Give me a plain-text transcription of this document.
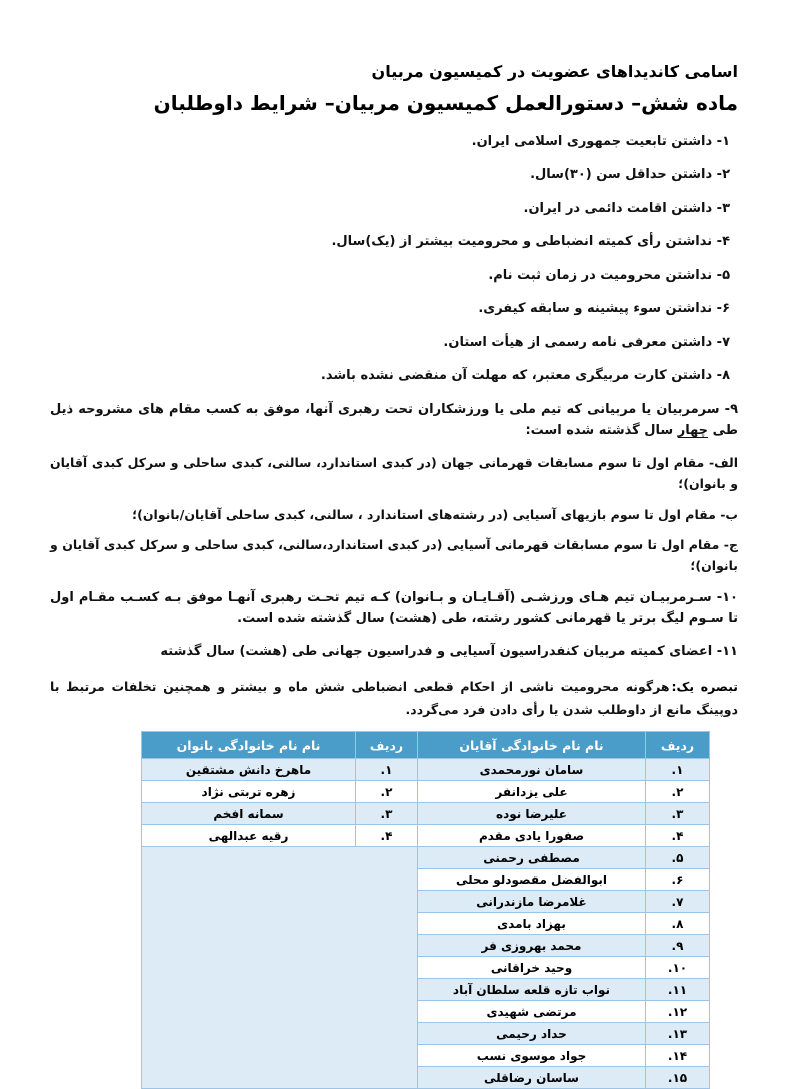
اسامی کاندیداهای عضویت در کمیسیون مربیان
ماده شش– دستورالعمل کمیسیون مربیان– شرایط داوطلبان

۱- داشتن تابعیت جمهوری اسلامی ایران.

۲- داشتن حداقل سن (۳۰)سال.

۳- داشتن اقامت دائمی در ایران.

۴- نداشتن رأی کمیته انضباطی و محرومیت بیشتر از (یک)سال.

۵- نداشتن محرومیت در زمان ثبت نام.

۶- نداشتن سوء پیشینه و سابقه کیفری.

۷- داشتن معرفی نامه رسمی از هیأت استان.

۸- داشتن کارت مربیگری معتبر، که مهلت آن منقضی نشده باشد.

۹- سرمربیان یا مربیانی که تیم ملی یا ورزشکاران تحت رهبری آنها، موفق به کسب مقام های مشروحه ذیل طی چهار سال گذشته شده است:

الف- مقام اول تا سوم مسابقات قهرمانی جهان (در کبدی استاندارد، سالنی، کبدی ساحلی و سرکل کبدی آقایان و بانوان)؛

ب- مقام اول تا سوم بازیهای آسیایی (در رشته‌های استاندارد ، سالنی، کبدی ساحلی آقایان/بانوان)؛

ج- مقام اول تا سوم مسابقات قهرمانی آسیایی (در کبدی استاندارد،سالنی، کبدی ساحلی و سرکل کبدی آقایان و بانوان)؛

۱۰- سـرمربیـان تیم هـای ورزشـی (آقـایـان و بـانوان) کـه تیم تحـت رهبری آنهـا موفق بـه کسـب مقـام اول تا سـوم لیگ برتر یا قهرمانی کشور رشته، طی (هشت) سال گذشته شده است.

۱۱- اعضای کمیته مربیان کنفدراسیون آسیایی و فدراسیون جهانی طی (هشت) سال گذشته

تبصره یک:هرگونه محرومیت ناشی از احکام قطعی انضباطی شش ماه و بیشتر و همچنین تخلفات مرتبط با دوپینگ مانع از داوطلب شدن یا رأی دادن فرد می‌گردد.

ردیف	نام نام خانوادگی آقایان	ردیف	نام نام خانوادگی بانوان
۱.	سامان نورمحمدی	۱.	ماهرخ دانش مشتقین
۲.	علی یزدانفر	۲.	زهره تربتی نژاد
۳.	علیرضا نوده	۳.	سمانه افخم
۴.	صفورا یادی مقدم	۴.	رقیه عبدالهی
۵.	مصطفی رحمنی		
۶.	ابوالفضل مقصودلو محلی		
۷.	غلامرضا مازندرانی		
۸.	بهزاد بامدی		
۹.	محمد بهروزی فر		
۱۰.	وحید خراقانی		
۱۱.	نواب تازه قلعه سلطان آباد		
۱۲.	مرتضی شهیدی		
۱۳.	حداد رحیمی		
۱۴.	جواد موسوی نسب		
۱۵.	ساسان رضاقلی		
